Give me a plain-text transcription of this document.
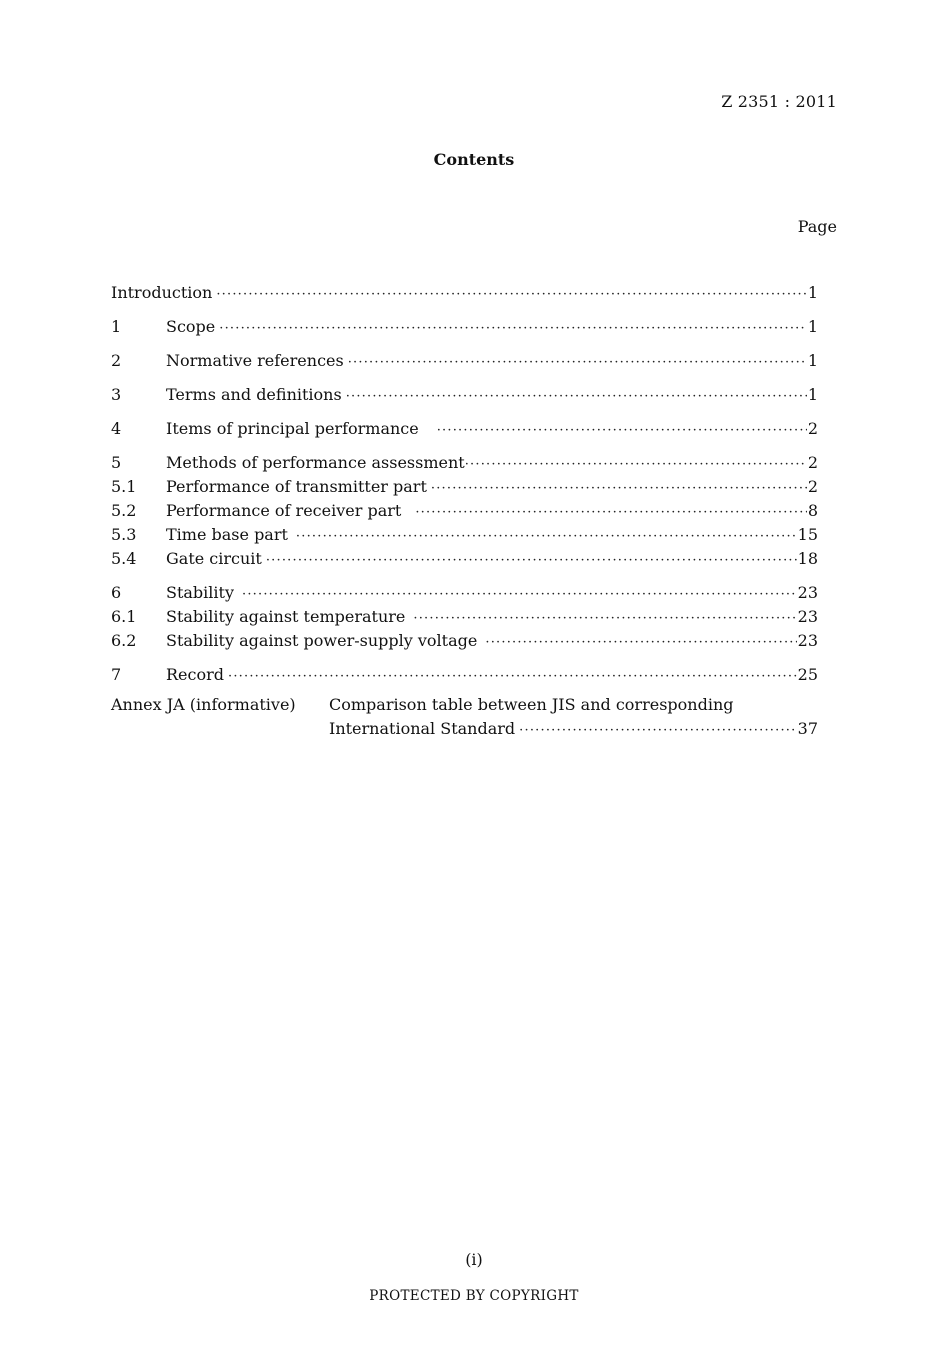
Z 2351 : 2011
Contents
Page
Introduction ·····	1
1	Scope ·····	1
2	Normative references ·····	1
3	Terms and definitions ·····	1
4	Items of principal performance ·····	2
5	Methods of performance assessment ·····	2
5.1	Performance of transmitter part ·····	2
5.2	Performance of receiver part ·····	8
5.3	Time base part ·····	15
5.4	Gate circuit ·····	18
6	Stability ·····	23
6.1	Stability against temperature ·····	23
6.2	Stability against power-supply voltage ·····	23
7	Record ·····	25
Annex JA (informative) Comparison table between JIS and corresponding
International Standard ·····	37
(i)
PROTECTED BY COPYRIGHT
